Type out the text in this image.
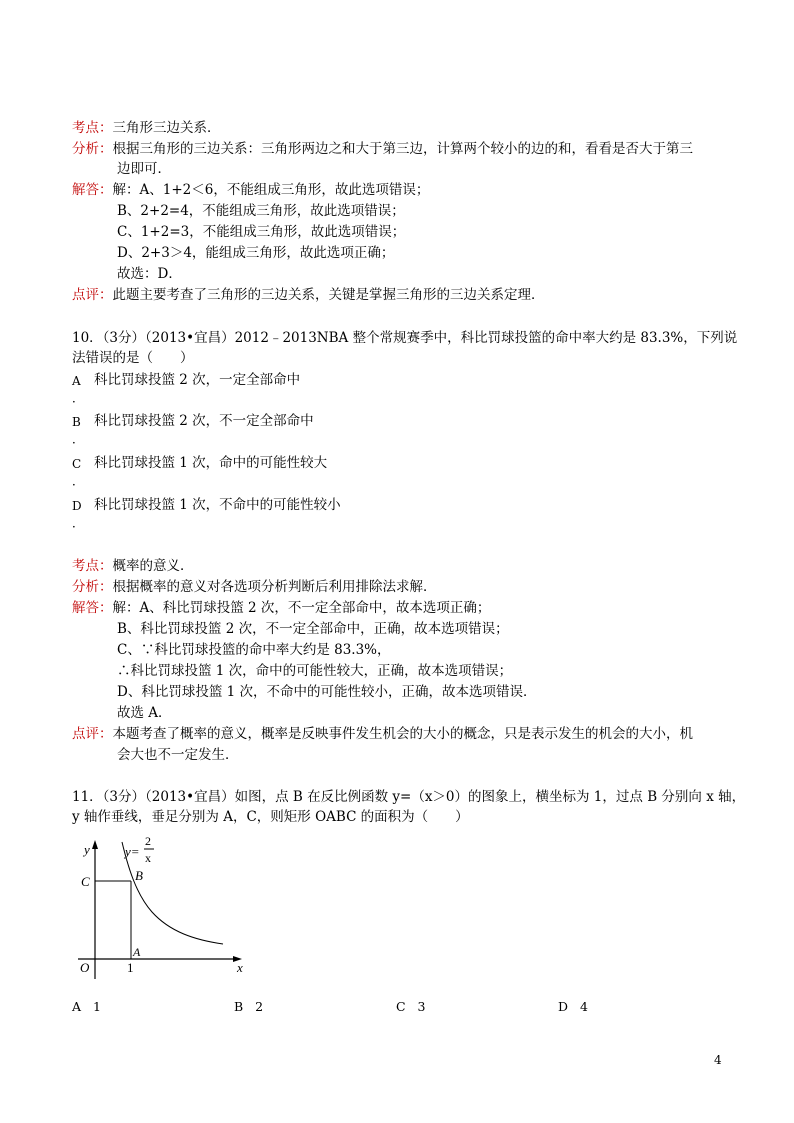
考点：三角形三边关系．
分析：根据三角形的三边关系：三角形两边之和大于第三边，计算两个较小的边的和，看看是否大于第三
边即可．
解答：解：A、1+2＜6，不能组成三角形，故此选项错误；
B、2+2=4，不能组成三角形，故此选项错误；
C、1+2=3，不能组成三角形，故此选项错误；
D、2+3＞4，能组成三角形，故此选项正确；
故选：D．
点评：此题主要考查了三角形的三边关系，关键是掌握三角形的三边关系定理．
10．（3分）（2013•宜昌）2012﹣2013NBA 整个常规赛季中，科比罚球投篮的命中率大约是 83.3%，下列说
法错误的是（　　）
A 科比罚球投篮 2 次，一定全部命中
．
B 科比罚球投篮 2 次，不一定全部命中
．
C 科比罚球投篮 1 次，命中的可能性较大
．
D 科比罚球投篮 1 次，不命中的可能性较小
．
考点：概率的意义．
分析：根据概率的意义对各选项分析判断后利用排除法求解．
解答：解：A、科比罚球投篮 2 次，不一定全部命中，故本选项正确；
B、科比罚球投篮 2 次，不一定全部命中，正确，故本选项错误；
C、∵科比罚球投篮的命中率大约是 83.3%，
∴科比罚球投篮 1 次，命中的可能性较大，正确，故本选项错误；
D、科比罚球投篮 1 次，不命中的可能性较小，正确，故本选项错误．
故选 A．
点评：本题考查了概率的意义，概率是反映事件发生机会的大小的概念，只是表示发生的机会的大小，机
会大也不一定发生．
11．（3分）（2013•宜昌）如图，点 B 在反比例函数 y=（x＞0）的图象上，横坐标为 1，过点 B 分别向 x 轴，
y 轴作垂线，垂足分别为 A，C，则矩形 OABC 的面积为（　　）
y
x
O
C	B
A
1
y=
2
x
A 1	B 2	C 3	D 4
4
